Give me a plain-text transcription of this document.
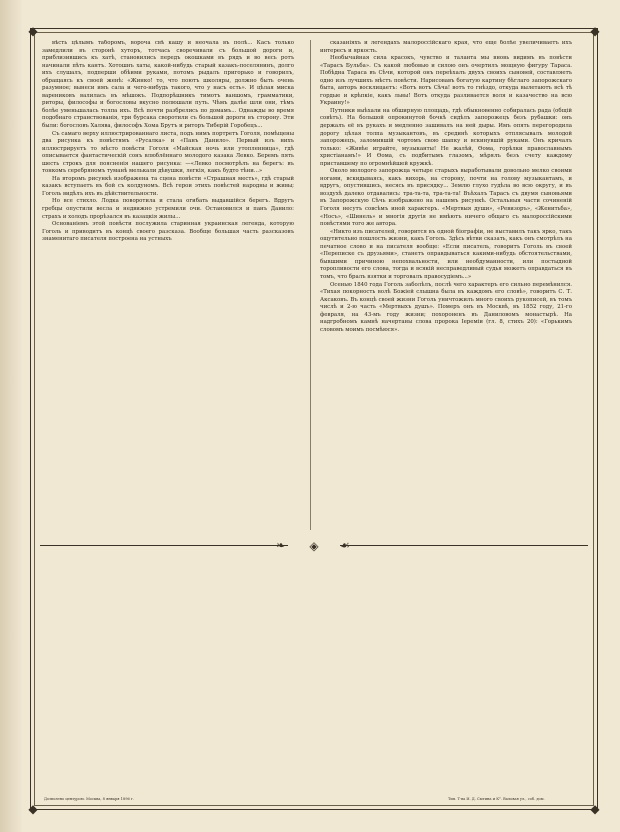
◆	◆
◆	◆

вѣсть цѣлымъ таборомъ, вороча свѣ кашу и неочала въ полѣ... Касъ только замедлили въ сторонѣ хуторъ, тотчась своречивали съ большой дороги и, приблизившись къ хатѣ, становились передъ окошками въ рядъ и во весь ротъ начинали пѣть кантъ. Хотошнъ хаты, какой-нибудь старый казакъ-поселянинъ, долго ихъ слушалъ, подперши обѣими руками, потомъ рыдалъ пригорько и говорилъ, обращаясь къ своей женѣ: «Жинко! то, что поютъ школяры, должно быть очень разумное; вынеси имъ сала и чего-нибудь такого, что у насъ есть». И цѣлая миска варениковъ валилась въ мѣшокъ. Подпорѣшникъ тимотъ ваншомъ, грамматики, риторы, философы и богословы вкусно полюшали путь. Чѣмъ далѣе шли они, тѣмъ болѣе уменьшалась толпа ихъ. Всѣ почти разбрелись по домамъ... Однажды во время подобнаго странствованія, три бурсака своротили съ большой дороги въ сторону. Эти были: богословъ Халява, философъ Хома Брутъ и риторъ Тиберій Горобецъ...

Съ самаго верху иллюстрированнаго листа, подъ нимъ портретъ Гоголя, помѣщены два рисунка къ повѣстямъ «Русалка» и «Панъ Данило». Первый изъ нихъ иллюстрируетъ то мѣсто повѣсти Гоголя «Майская ночь или утопленница», гдѣ описывается фантастическій сонъ влюблённаго молодого казака Левко. Беремъ пять шесть строкъ для поясненія нашего рисунка: —«Левко посмотрѣлъ на берегъ: въ тонкомъ серебряномъ туманѣ мелькали дѣвушки, легкія, какъ будто тѣни...»

На второмъ рисункѣ изображена та сцена повѣсти «Страшная месть», гдѣ старый казакъ вступаетъ въ бой съ колдуномъ. Всѣ герои этихъ повѣстей народны и живы; Гоголь видѣлъ ихъ въ дѣйствительности.

Но все стихло. Лодка поворотила и стала огибать выдавшійся берегъ. Вдругъ гребцы опустили весла и недвижно устремили очи. Остановился и панъ Данило: страхъ и холодъ прорѣзался въ казацкія жилы...

Основаніемъ этой повѣсти послужила старинная украинская легенда, которую Гоголь и приводитъ въ концѣ своего разсказа. Вообще большая часть разсказовъ знаменитаго писателя построена на устныхъ

сказаніяхъ и легендахъ малороссійскаго края, что еще болѣе увеличиваетъ ихъ интересъ и яркость.

Необычайная сила красокъ, чувство и таланта мы вновь видимъ въ повѣсти «Тарасъ Бульба». Съ какой любовью и силою онъ очертилъ мощную фигуру Тараса. Побѣдна Тараса въ Сѣчи, которой онъ переѣхалъ двухъ своихъ сыновей, составляетъ одно изъ лучшихъ мѣстъ повѣсти. Нарисовавъ богатую картину бѣглаго запорожскаго быта, авторъ восклицаетъ: «Вотъ вотъ Сѣча! вотъ то гнѣздо, откуда вылетаютъ всѣ тѣ гордые и крѣпкіе, какъ львы! Вотъ откуда разливается воля и казачество на всю Украину!»

Путники выѣхали на обширную площадь, гдѣ обыкновенно собиралась рада (общій совѣтъ). На большой опрокинутой бочкѣ сидѣлъ запорожецъ безъ рубашки: онъ держалъ её въ рукахъ и медленно зашивалъ на ней дыры. Имъ опять перегородила дорогу цѣлая толпа музыкантовъ, въ срединѣ которыхъ отплясывалъ молодой запорожецъ, заломившій чортомъ свою шапку и вскинувшій руками. Онъ кричалъ только: «Живѣе играйте, музыканты! Не жалѣй, Ѳома, горѣлки православнымъ христіанамъ!» И Ѳома, съ подбитымъ глазомъ, мѣрялъ безъ счету каждому приставшему по огромнѣйшей кружкѣ.

Около молодого запорожца четыре старыхъ выработывали довольно мелко своими ногами, вскидываясь, какъ вихорь, на сторону, почти на голову музыкантамъ, и вдругъ, опустившись, несясь въ присядку... Землю глухо гудѣла во всю округу, и въ воздухѣ далеко отдавались: тра-та-та, тра-та-та! Въѣхалъ Тарасъ съ двумя сыновьями въ Запорожскую Сѣчь изображено на нашемъ рисункѣ. Остальныя части сочиненій Гоголя несутъ совсѣмъ иной характеръ. «Мертвыя души», «Ревизоръ», «Женитьба», «Носъ», «Шинель» и многія другія не имѣютъ ничего общаго съ малороссійскими повѣстями того же автора.

«Никто изъ писателей, говорится въ одной біографіи, не выставилъ такъ ярко, такъ ощутительно пошлость жизни, какъ Гоголь. Здѣсь вѣтви сказать, какъ онъ смотрѣлъ на печатное слово и на писателя вообще: «Если писатель, говоритъ Гоголь въ своей «Переписке съ друзьями», станетъ оправдываться какими-нибудь обстоятельствами, бывшими причиною непохвальности, или необдуманности, или постыдной торопливости его слова, тогда и всякій несправедливый судья можетъ оправдаться въ томъ, что бралъ взятки и торговалъ правосудіемъ...»

Осенью 1840 года Гоголь заболѣлъ, послѣ чего характеръ его сильно перемѣнился. «Тихая покорность волѣ Божіей слышна была въ каждомъ его словѣ», говоритъ С. Т. Аксаковъ. Въ концѣ своей жизни Гоголь уничтожилъ много своихъ рукописей, въ томъ числѣ и 2-ю часть «Мертвыхъ душъ». Померъ онъ въ Москвѣ, въ 1852 году, 21-го февраля, на 43-мъ году жизни; похороненъ въ Даниловомъ монастырѣ. На надгробномъ камнѣ начертаны слова пророка Іереміи (гл. 8, стихъ 20): «Горькимъ словомъ моимъ посмѣюся».

❧ ◈
Дозволено цензурою. Москва, 8 января 1896 г.	Тип. Т-ва И. Д. Сытина и К°. Валовая ул., соб. дом.
